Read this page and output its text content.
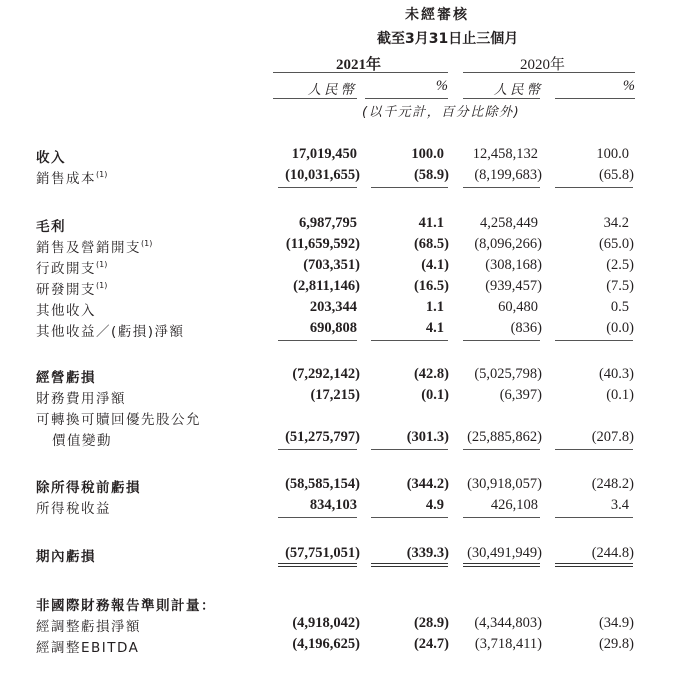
未經審核
截至3月31日止三個月
2021年	2020年
人民幣	%	人民幣	%
(以千元計，百分比除外)
收入	17,019,450	100.0	12,458,132	100.0
銷售成本$^{(1)}$	(10,031,655)	(58.9)	(8,199,683)	(65.8)
毛利	6,987,795	41.1	4,258,449	34.2
銷售及營銷開支$^{(1)}$	(11,659,592)	(68.5)	(8,096,266)	(65.0)
行政開支$^{(1)}$	(703,351)	(4.1)	(308,168)	(2.5)
研發開支$^{(1)}$	(2,811,146)	(16.5)	(939,457)	(7.5)
其他收入	203,344	1.1	60,480	0.5
其他收益／(虧損)淨額	690,808	4.1	(836)	(0.0)
經營虧損	(7,292,142)	(42.8)	(5,025,798)	(40.3)
財務費用淨額	(17,215)	(0.1)	(6,397)	(0.1)
可轉換可贖回優先股公允
價值變動	(51,275,797)	(301.3)	(25,885,862)	(207.8)
除所得稅前虧損	(58,585,154)	(344.2)	(30,918,057)	(248.2)
所得稅收益	834,103	4.9	426,108	3.4
期內虧損	(57,751,051)	(339.3)	(30,491,949)	(244.8)
非國際財務報告準則計量：
經調整虧損淨額	(4,918,042)	(28.9)	(4,344,803)	(34.9)
經調整EBITDA	(4,196,625)	(24.7)	(3,718,411)	(29.8)
